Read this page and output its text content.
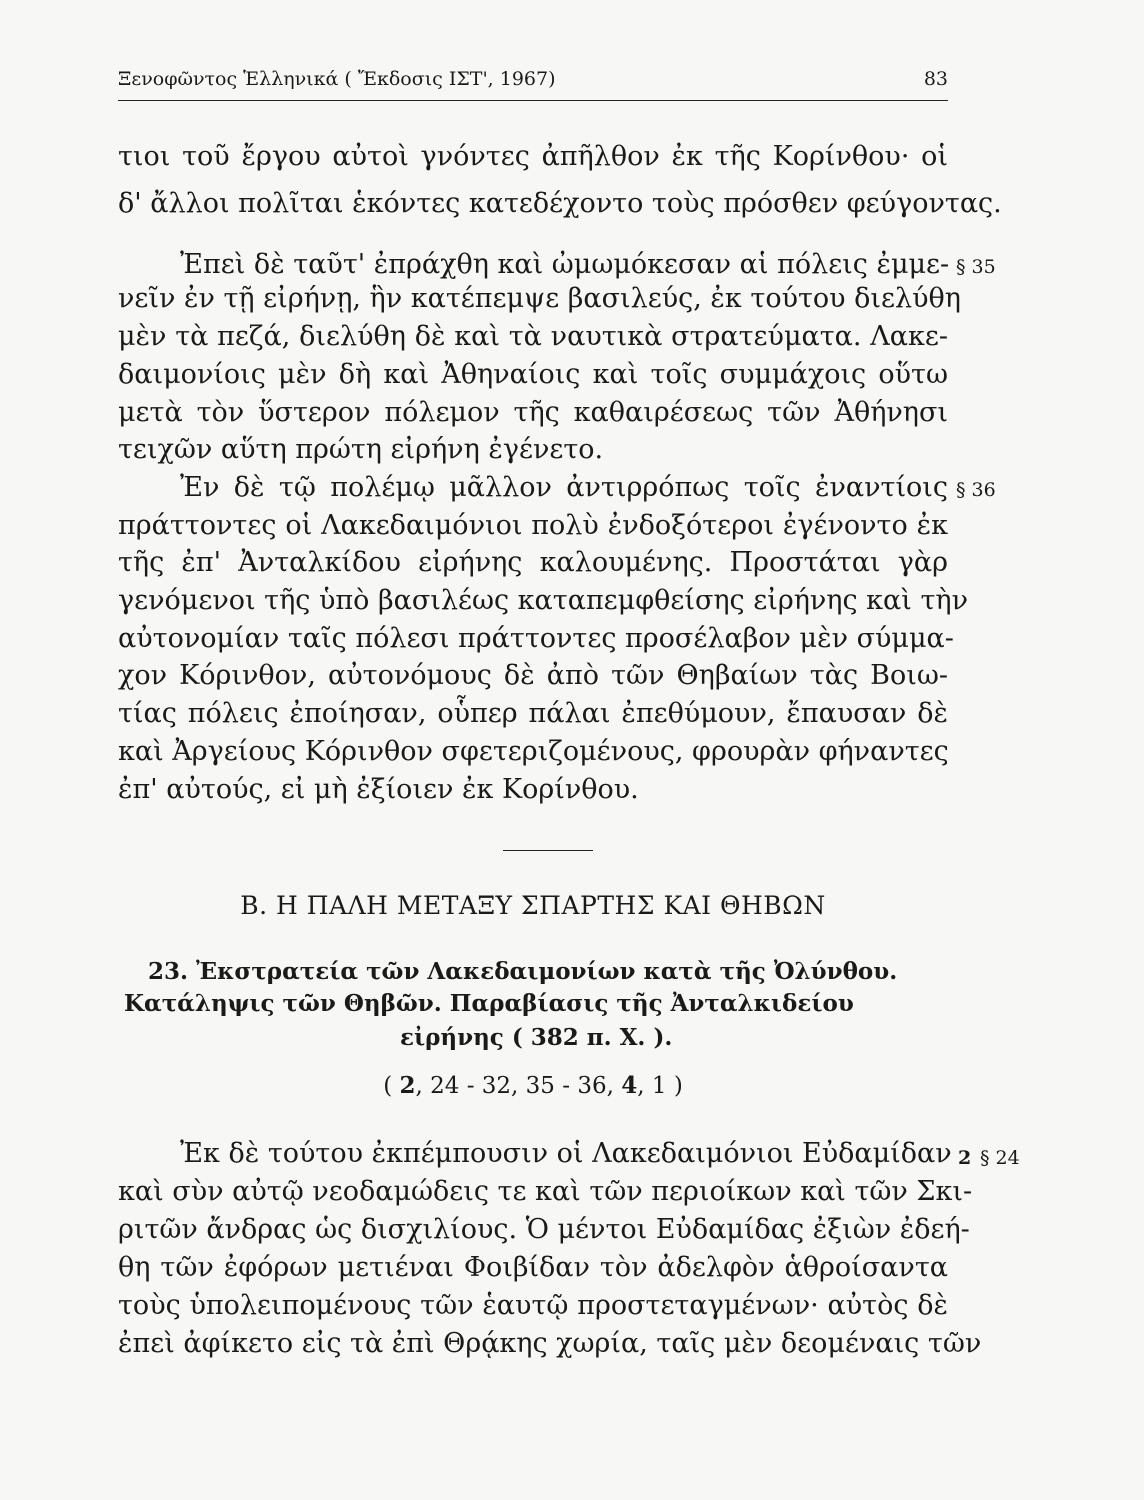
Ξενοφῶντος Ἑλληνικά ( Ἔκδοσις ΙΣΤ', 1967)	83
τιοι τοῦ ἔργου αὐτοὶ γνόντες ἀπῆλθον ἐκ τῆς Κορίνθου· οἱ
δ' ἄλλοι πολῖται ἑκόντες κατεδέχοντο τοὺς πρόσθεν φεύγοντας.
Ἐπεὶ δὲ ταῦτ' ἐπράχθη καὶ ὠμωμόκεσαν αἱ πόλεις ἐμμε- § 35
νεῖν ἐν τῇ εἰρήνῃ, ἣν κατέπεμψε βασιλεύς, ἐκ τούτου διελύθη
μὲν τὰ πεζά, διελύθη δὲ καὶ τὰ ναυτικὰ στρατεύματα. Λακε-
δαιμονίοις μὲν δὴ καὶ Ἀθηναίοις καὶ τοῖς συμμάχοις οὕτω
μετὰ τὸν ὕστερον πόλεμον τῆς καθαιρέσεως τῶν Ἀθήνησι
τειχῶν αὕτη πρώτη εἰρήνη ἐγένετο.
Ἐν δὲ τῷ πολέμῳ μᾶλλον ἀντιρρόπως τοῖς ἐναντίοις § 36
πράττοντες οἱ Λακεδαιμόνιοι πολὺ ἐνδοξότεροι ἐγένοντο ἐκ
τῆς ἐπ' Ἀνταλκίδου εἰρήνης καλουμένης. Προστάται γὰρ
γενόμενοι τῆς ὑπὸ βασιλέως καταπεμφθείσης εἰρήνης καὶ τὴν
αὐτονομίαν ταῖς πόλεσι πράττοντες προσέλαβον μὲν σύμμα-
χον Κόρινθον, αὐτονόμους δὲ ἀπὸ τῶν Θηβαίων τὰς Βοιω-
τίας πόλεις ἐποίησαν, οὗπερ πάλαι ἐπεθύμουν, ἔπαυσαν δὲ
καὶ Ἀργείους Κόρινθον σφετεριζομένους, φρουρὰν φήναντες
ἐπ' αὐτούς, εἰ μὴ ἐξίοιεν ἐκ Κορίνθου.
Β. Η ΠΑΛΗ ΜΕΤΑΞΥ ΣΠΑΡΤΗΣ ΚΑΙ ΘΗΒΩΝ
23. Ἐκστρατεία τῶν Λακεδαιμονίων κατὰ τῆς Ὀλύνθου.
Κατάληψις τῶν Θηβῶν. Παραβίασις τῆς Ἀνταλκιδείου
εἰρήνης ( 382 π. Χ. ).
( 2, 24 - 32, 35 - 36, 4, 1 )
Ἐκ δὲ τούτου ἐκπέμπουσιν οἱ Λακεδαιμόνιοι Εὐδαμίδαν 2 § 24
καὶ σὺν αὐτῷ νεοδαμώδεις τε καὶ τῶν περιοίκων καὶ τῶν Σκι-
ριτῶν ἄνδρας ὡς δισχιλίους. Ὁ μέντοι Εὐδαμίδας ἐξιὼν ἐδεή-
θη τῶν ἐφόρων μετιέναι Φοιβίδαν τὸν ἀδελφὸν ἁθροίσαντα
τοὺς ὑπολειπομένους τῶν ἑαυτῷ προστεταγμένων· αὐτὸς δὲ
ἐπεὶ ἀφίκετο εἰς τὰ ἐπὶ Θρᾴκης χωρία, ταῖς μὲν δεομέναις τῶν
